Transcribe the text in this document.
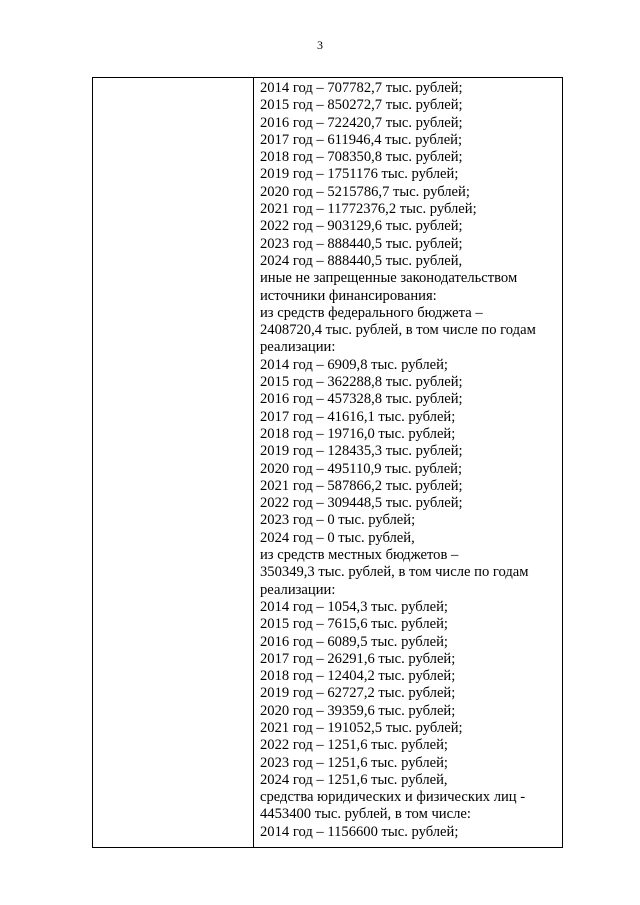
3
2014 год – 707782,7 тыс. рублей;
2015 год – 850272,7 тыс. рублей;
2016 год – 722420,7 тыс. рублей;
2017 год – 611946,4 тыс. рублей;
2018 год – 708350,8 тыс. рублей;
2019 год – 1751176 тыс. рублей;
2020 год – 5215786,7 тыс. рублей;
2021 год – 11772376,2 тыс. рублей;
2022 год – 903129,6 тыс. рублей;
2023 год – 888440,5 тыс. рублей;
2024 год – 888440,5 тыс. рублей,
иные не запрещенные законодательством
источники финансирования:
из средств федерального бюджета –
2408720,4 тыс. рублей, в том числе по годам
реализации:
2014 год – 6909,8 тыс. рублей;
2015 год – 362288,8 тыс. рублей;
2016 год – 457328,8 тыс. рублей;
2017 год – 41616,1 тыс. рублей;
2018 год – 19716,0 тыс. рублей;
2019 год – 128435,3 тыс. рублей;
2020 год – 495110,9 тыс. рублей;
2021 год – 587866,2 тыс. рублей;
2022 год – 309448,5 тыс. рублей;
2023 год – 0 тыс. рублей;
2024 год – 0 тыс. рублей,
из средств местных бюджетов –
350349,3 тыс. рублей, в том числе по годам
реализации:
2014 год – 1054,3 тыс. рублей;
2015 год – 7615,6 тыс. рублей;
2016 год – 6089,5 тыс. рублей;
2017 год – 26291,6 тыс. рублей;
2018 год – 12404,2 тыс. рублей;
2019 год – 62727,2 тыс. рублей;
2020 год – 39359,6 тыс. рублей;
2021 год – 191052,5 тыс. рублей;
2022 год – 1251,6 тыс. рублей;
2023 год – 1251,6 тыс. рублей;
2024 год – 1251,6 тыс. рублей,
средства юридических и физических лиц -
4453400 тыс. рублей, в том числе:
2014 год – 1156600 тыс. рублей;
